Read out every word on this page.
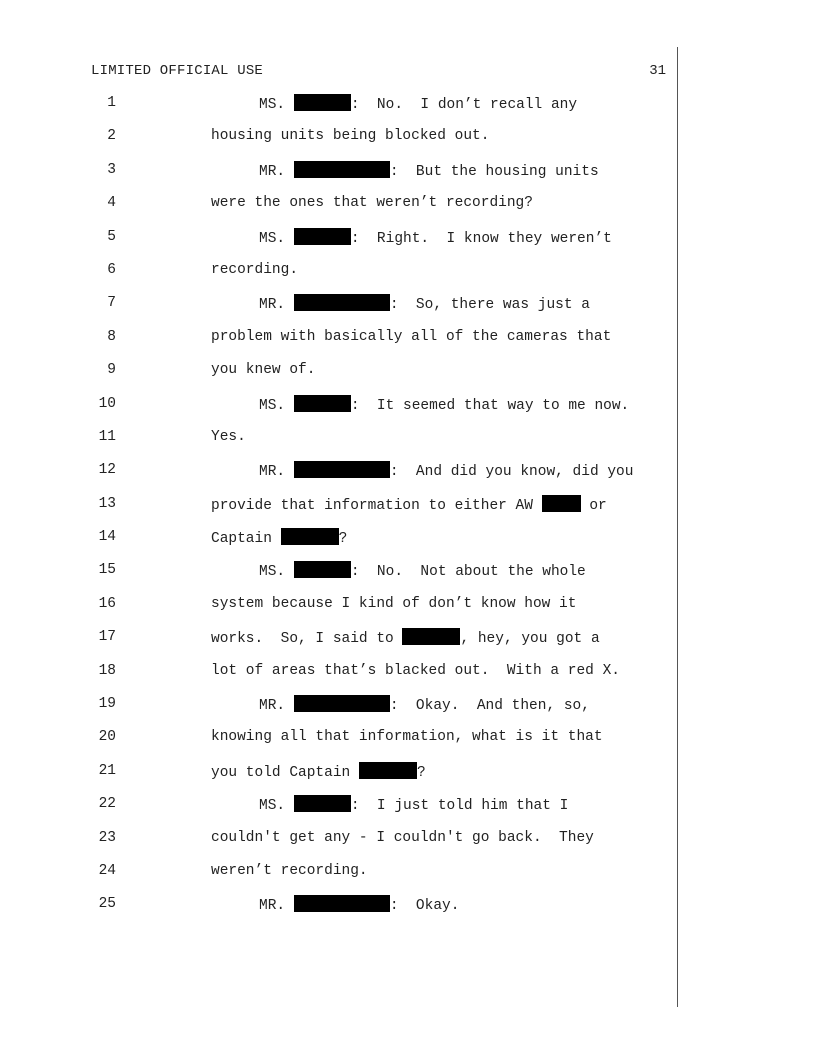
LIMITED OFFICIAL USE	31

1

	MS.	:  No.  I don’t recall any

2

	housing units being blocked out.

3

	MR.	:  But the housing units

4

	were the ones that weren’t recording?

5

	MS.	:  Right.  I know they weren’t

6

	recording.

7

	MR.	:  So, there was just a

8

	problem with basically all of the cameras that

9

	you knew of.

10

	MS.	:  It seemed that way to me now.

11

	Yes.

12

	MR.	:  And did you know, did you

13

	provide that information to either AW	or

14

	Captain	?

15

	MS.	:  No.  Not about the whole

16

	system because I kind of don’t know how it

17

	works.  So, I said to	, hey, you got a

18

	lot of areas that’s blacked out.  With a red X.

19

	MR.	:  Okay.  And then, so,

20

	knowing all that information, what is it that

21

	you told Captain	?

22

	MS.	:  I just told him that I

23

	couldn't get any - I couldn't go back.  They

24

	weren’t recording.

25

	MR.	:  Okay.
